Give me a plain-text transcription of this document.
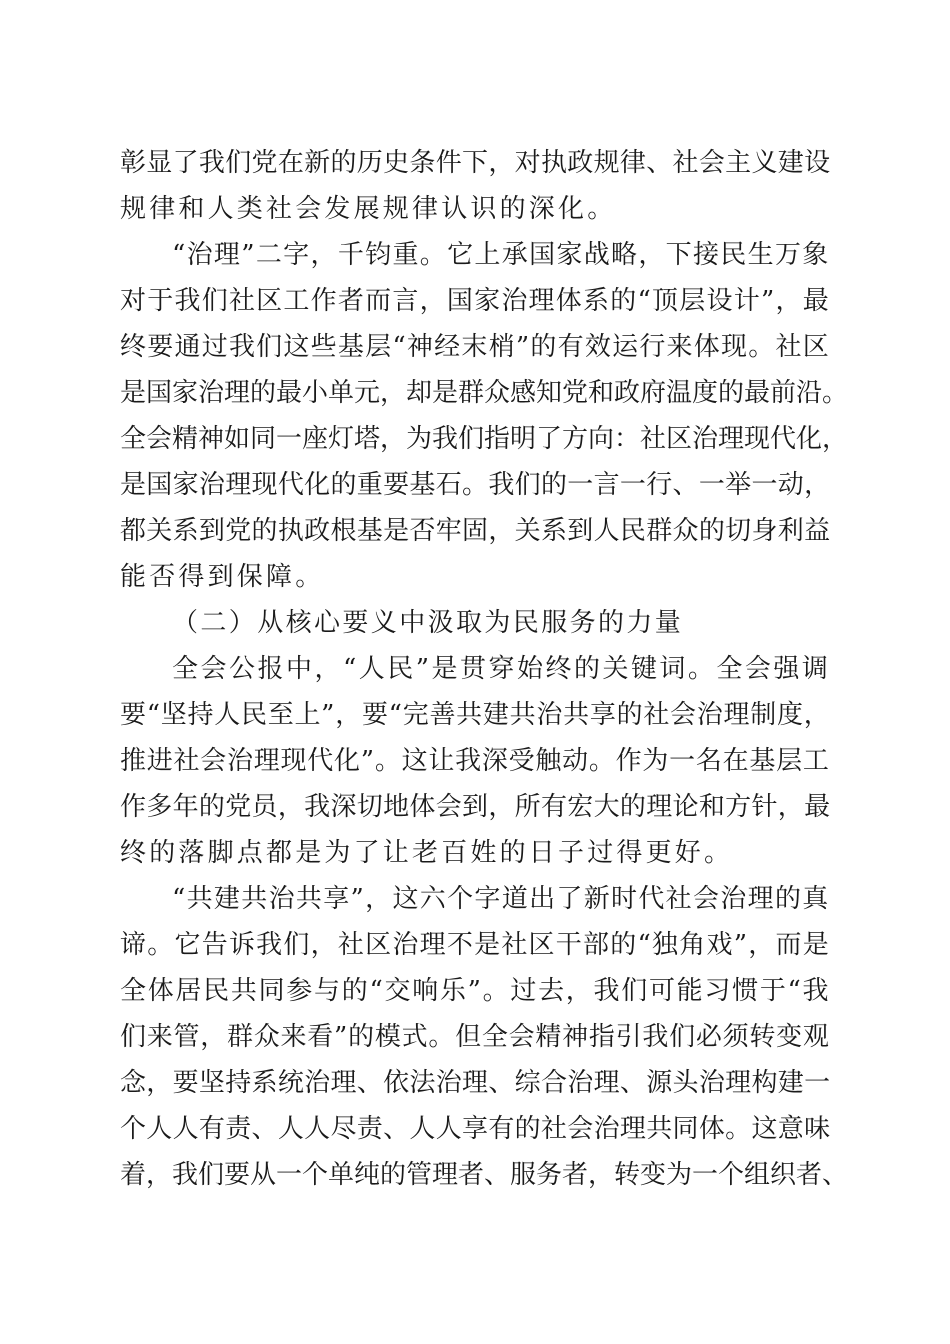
彰显了我们党在新的历史条件下，对执政规律、社会主义建设
规律和人类社会发展规律认识的深化。
“治理”二字，千钧重。它上承国家战略，下接民生万象
对于我们社区工作者而言，国家治理体系的“顶层设计”，最
终要通过我们这些基层“神经末梢”的有效运行来体现。社区
是国家治理的最小单元，却是群众感知党和政府温度的最前沿。
全会精神如同一座灯塔，为我们指明了方向：社区治理现代化，
是国家治理现代化的重要基石。我们的一言一行、一举一动，
都关系到党的执政根基是否牢固，关系到人民群众的切身利益
能否得到保障。
（二）从核心要义中汲取为民服务的力量
全会公报中，“人民”是贯穿始终的关键词。全会强调
要“坚持人民至上”，要“完善共建共治共享的社会治理制度，
推进社会治理现代化”。这让我深受触动。作为一名在基层工
作多年的党员，我深切地体会到，所有宏大的理论和方针，最
终的落脚点都是为了让老百姓的日子过得更好。
“共建共治共享”，这六个字道出了新时代社会治理的真
谛。它告诉我们，社区治理不是社区干部的“独角戏”，而是
全体居民共同参与的“交响乐”。过去，我们可能习惯于“我
们来管，群众来看”的模式。但全会精神指引我们必须转变观
念，要坚持系统治理、依法治理、综合治理、源头治理构建一
个人人有责、人人尽责、人人享有的社会治理共同体。这意味
着，我们要从一个单纯的管理者、服务者，转变为一个组织者、
